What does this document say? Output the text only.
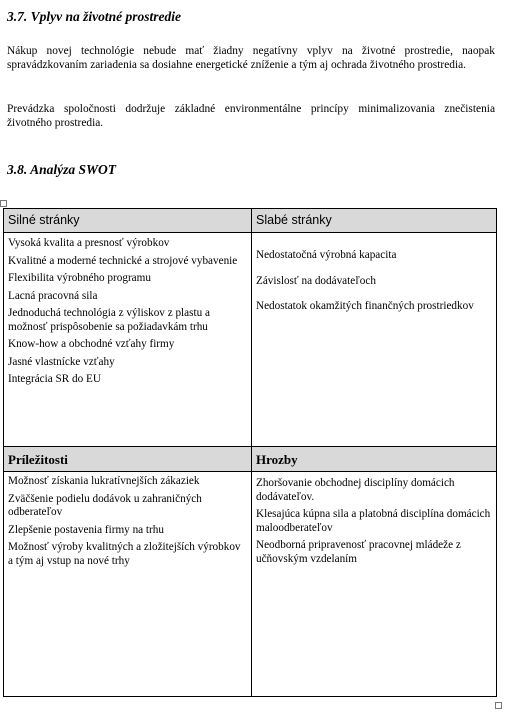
3.7. Vplyv na životné prostredie

Nákup novej technológie nebude mať žiadny negatívny vplyv na životné prostredie, naopak spravádzkovaním zariadenia sa dosiahne energetické zníženie a tým aj ochrada životného prostredia.

Prevádzka spoločnosti dodržuje základné environmentálne princípy minimalizovania znečistenia životného prostredia.

3.8. Analýza SWOT
Silné stránky	Slabé stránky
Príležitosti	Hrozby
Vysoká kvalita a presnosť výrobkov
Kvalitné a moderné technické a strojové vybavenie
Flexibilita výrobného programu
Lacná pracovná sila
Jednoduchá technológia z výliskov z plastu a možnosť prispôsobenie sa požiadavkám trhu
Know-how a obchodné vzťahy firmy
Jasné vlastnícke vzťahy
Integrácia SR do EU
Nedostatočná výrobná kapacita
Závislosť na dodávateľoch
Nedostatok okamžitých finančných prostriedkov
Možnosť získania lukratívnejších zákaziek
Zväčšenie podielu dodávok u zahraničných odberateľov
Zlepšenie postavenia firmy na trhu
Možnosť výroby kvalitných a zložitejších výrobkov a tým aj vstup na nové trhy
Zhoršovanie obchodnej disciplíny domácich dodávateľov.
Klesajúca kúpna sila a platobná disciplína domácich maloodberateľov
Neodborná pripravenosť pracovnej mládeže z učňovským vzdelaním
